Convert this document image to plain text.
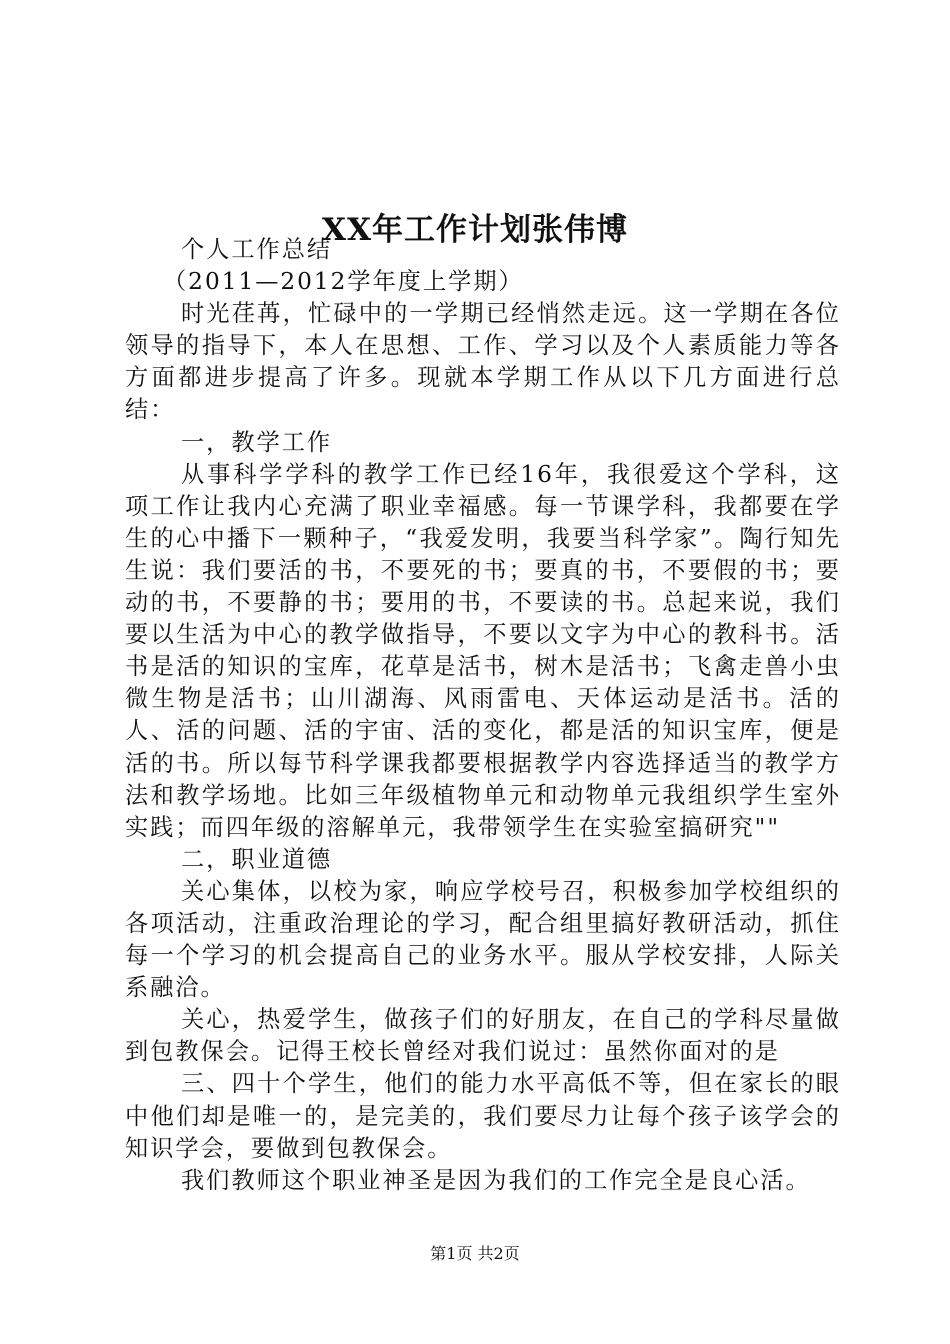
XX年工作计划张伟博

个人工作总结

（2011—2012学年度上学期）

时光荏苒，忙碌中的一学期已经悄然走远。这一学期在各位领导的指导下，本人在思想、工作、学习以及个人素质能力等各方面都进步提高了许多。现就本学期工作从以下几方面进行总结：

一，教学工作

从事科学学科的教学工作已经16年，我很爱这个学科，这项工作让我内心充满了职业幸福感。每一节课学科，我都要在学生的心中播下一颗种子，“我爱发明，我要当科学家”。陶行知先生说：我们要活的书，不要死的书；要真的书，不要假的书；要动的书，不要静的书；要用的书，不要读的书。总起来说，我们要以生活为中心的教学做指导，不要以文字为中心的教科书。活书是活的知识的宝库，花草是活书，树木是活书；飞禽走兽小虫微生物是活书；山川湖海、风雨雷电、天体运动是活书。活的人、活的问题、活的宇宙、活的变化，都是活的知识宝库，便是活的书。所以每节科学课我都要根据教学内容选择适当的教学方法和教学场地。比如三年级植物单元和动物单元我组织学生室外实践；而四年级的溶解单元，我带领学生在实验室搞研究""

二，职业道德

关心集体，以校为家，响应学校号召，积极参加学校组织的各项活动，注重政治理论的学习，配合组里搞好教研活动，抓住每一个学习的机会提高自己的业务水平。服从学校安排，人际关系融洽。

关心，热爱学生，做孩子们的好朋友，在自己的学科尽量做到包教保会。记得王校长曾经对我们说过：虽然你面对的是

三、四十个学生，他们的能力水平高低不等，但在家长的眼中他们却是唯一的，是完美的，我们要尽力让每个孩子该学会的知识学会，要做到包教保会。

我们教师这个职业神圣是因为我们的工作完全是良心活。

第1页 共2页
